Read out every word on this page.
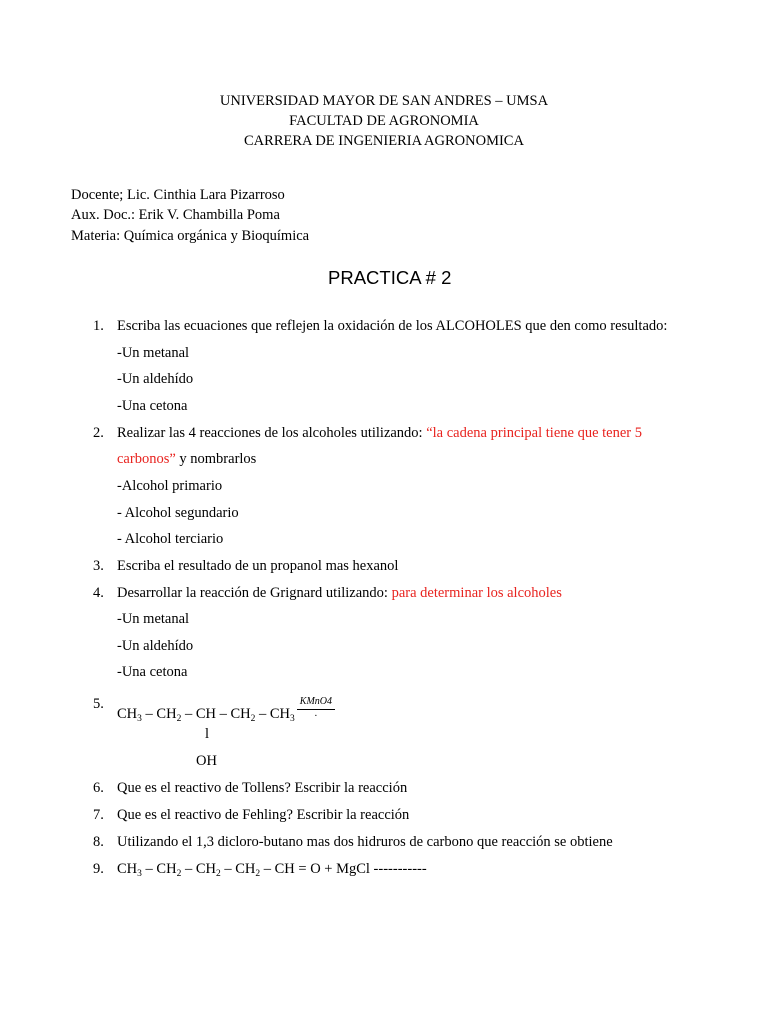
UNIVERSIDAD MAYOR DE SAN ANDRES – UMSA
FACULTAD DE AGRONOMIA
CARRERA DE INGENIERIA AGRONOMICA
Docente; Lic. Cinthia Lara Pizarroso
Aux. Doc.: Erik V. Chambilla Poma
Materia: Química orgánica y Bioquímica
PRACTICA # 2
1. Escriba las ecuaciones que reflejen la oxidación de los ALCOHOLES que den como resultado:
-Un metanal
-Un aldehído
-Una cetona
2. Realizar las 4 reacciones de los alcoholes utilizando: “la cadena principal tiene que tener 5
carbonos” y nombrarlos
-Alcohol primario
- Alcohol segundario
- Alcohol terciario
3. Escriba el resultado de un propanol mas hexanol
4. Desarrollar la reacción de Grignard utilizando: para determinar los alcoholes
-Un metanal
-Un aldehído
-Una cetona
5.
$CH_3 - CH_2$ – CH – $CH_2 - CH_3$
$\frac{\text{KMnO4}}{.}$
l
OH
6. Que es el reactivo de Tollens? Escribir la reacción
7. Que es el reactivo de Fehling? Escribir la reacción
8. Utilizando el 1,3 dicloro-butano mas dos hidruros de carbono que reacción se obtiene
9. $CH_3 - CH_2 - CH_2 - CH_2$ – CH = O + MgCl -----------
